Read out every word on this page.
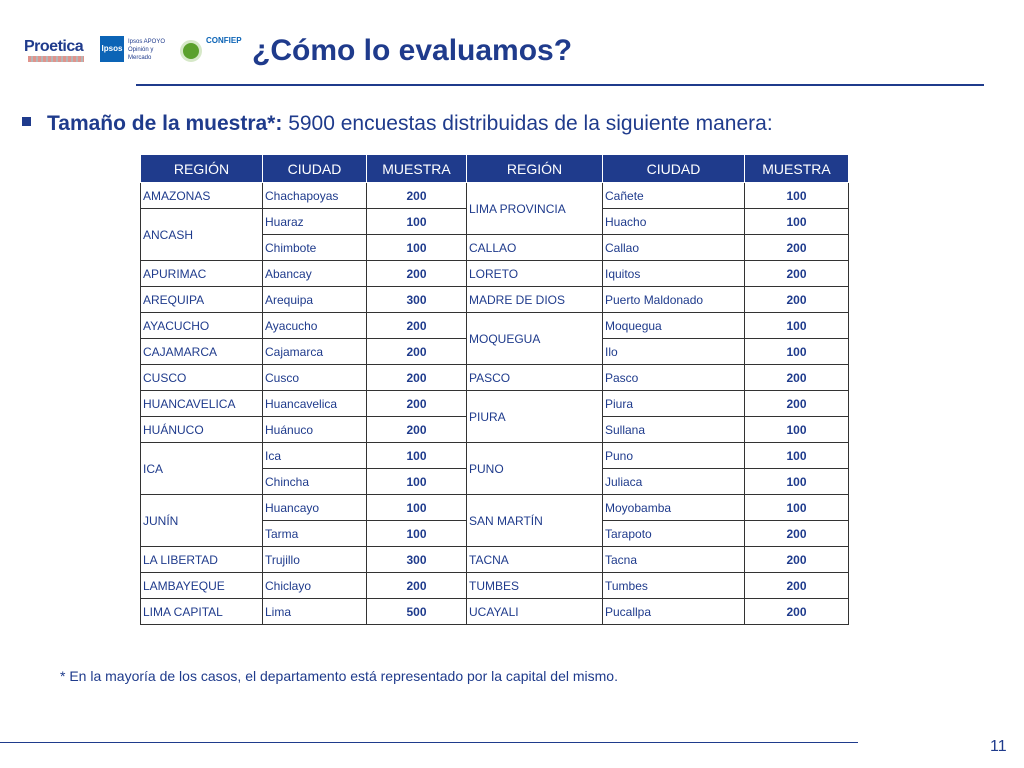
Proetica	Ipsos
Ipsos APOYO Opinión y Mercado
CONFIEP ¿Cómo lo evaluamos?
Tamaño de la muestra*: 5900 encuestas distribuidas de la siguiente manera:
REGIÓN	CIUDAD	MUESTRA	REGIÓN	CIUDAD	MUESTRA
AMAZONAS	Chachapoyas	200	LIMA PROVINCIA	Cañete	100
ANCASH	Huaraz	100		Huacho	100
	Chimbote	100	CALLAO	Callao	200
APURIMAC	Abancay	200	LORETO	Iquitos	200
AREQUIPA	Arequipa	300	MADRE DE DIOS	Puerto Maldonado	200
AYACUCHO	Ayacucho	200	MOQUEGUA	Moquegua	100
CAJAMARCA	Cajamarca	200		Ilo	100
CUSCO	Cusco	200	PASCO	Pasco	200
HUANCAVELICA	Huancavelica	200	PIURA	Piura	200
HUÁNUCO	Huánuco	200		Sullana	100
ICA	Ica	100	PUNO	Puno	100
	Chincha	100		Juliaca	100
JUNÍN	Huancayo	100	SAN MARTÍN	Moyobamba	100
	Tarma	100		Tarapoto	200
LA LIBERTAD	Trujillo	300	TACNA	Tacna	200
LAMBAYEQUE	Chiclayo	200	TUMBES	Tumbes	200
LIMA CAPITAL	Lima	500	UCAYALI	Pucallpa	200
* En la mayoría de los casos, el departamento está representado por la capital del mismo.
11
